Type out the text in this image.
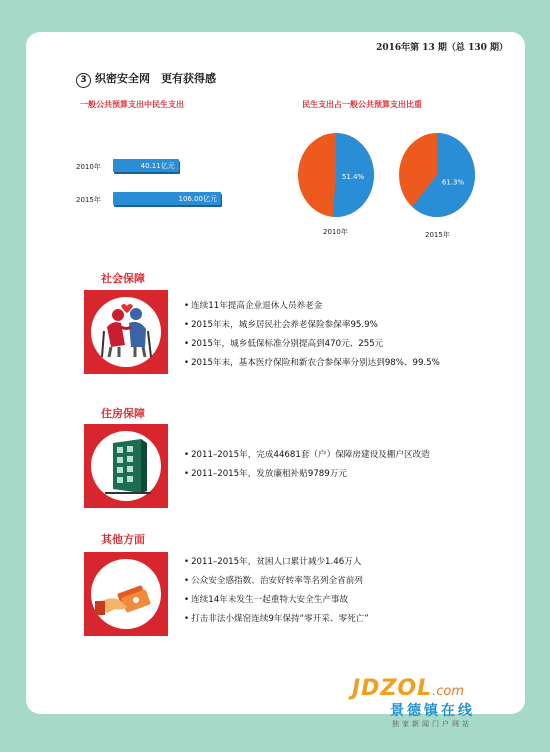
2016年第 13 期（总 130 期）
3 织密安全网　更有获得感
一般公共预算支出中民生支出	民生支出占一般公共预算支出比重
2010年	40.11亿元
2015年	106.00亿元
51.4%
2010年
61.3%
2015年
社会保障
• 连续11年提高企业退休人员养老金
• 2015年末，城乡居民社会养老保险参保率95.9%
• 2015年，城乡低保标准分别提高到470元、255元
• 2015年末，基本医疗保险和新农合参保率分别达到98%、99.5%
住房保障
• 2011–2015年，完成44681套（户）保障房建设及棚户区改造
• 2011–2015年，发放廉租补贴9789万元
其他方面
• 2011–2015年，贫困人口累计减少1.46万人
• 公众安全感指数、治安好转率等名列全省前列
• 连续14年未发生一起重特大安全生产事故
• 打击非法小煤窑连续9年保持“零开采、零死亡”
JDZOL.com
景德镇在线
独家新闻门户网站
